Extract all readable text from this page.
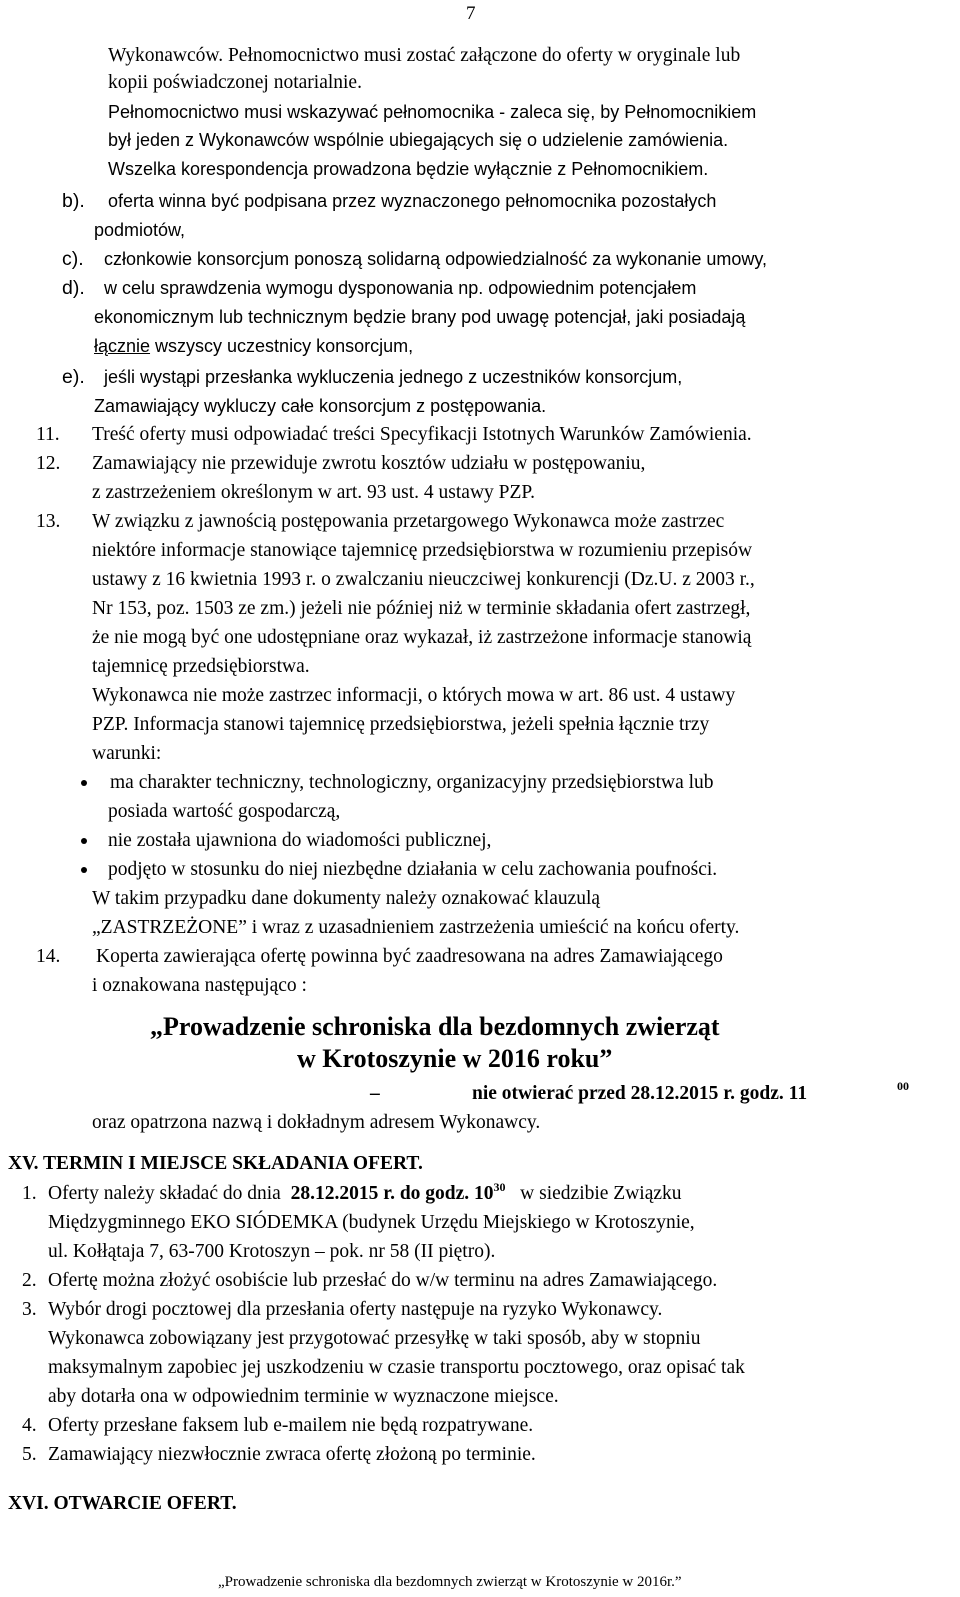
7
Wykonawców. Pełnomocnictwo musi zostać załączone do oferty w oryginale lub
kopii poświadczonej notarialnie.
Pełnomocnictwo musi wskazywać pełnomocnika - zaleca się, by Pełnomocnikiem
był jeden z Wykonawców wspólnie ubiegających się o udzielenie zamówienia.
Wszelka korespondencja prowadzona będzie wyłącznie z Pełnomocnikiem.
b). oferta winna być podpisana przez wyznaczonego pełnomocnika pozostałych
podmiotów,
c). członkowie konsorcjum ponoszą solidarną odpowiedzialność za wykonanie umowy,
d). w celu sprawdzenia wymogu dysponowania np. odpowiednim potencjałem
ekonomicznym lub technicznym będzie brany pod uwagę potencjał, jaki posiadają
łącznie wszyscy uczestnicy konsorcjum,
e). jeśli wystąpi przesłanka wykluczenia jednego z uczestników konsorcjum,
Zamawiający wykluczy całe konsorcjum z postępowania.
11. Treść oferty musi odpowiadać treści Specyfikacji Istotnych Warunków Zamówienia.
12. Zamawiający nie przewiduje zwrotu kosztów udziału w postępowaniu,
z zastrzeżeniem określonym w art. 93 ust. 4 ustawy PZP.
13. W związku z jawnością postępowania przetargowego Wykonawca może zastrzec
niektóre informacje stanowiące tajemnicę przedsiębiorstwa w rozumieniu przepisów
ustawy z 16 kwietnia 1993 r. o zwalczaniu nieuczciwej konkurencji (Dz.U. z 2003 r.,
Nr 153, poz. 1503 ze zm.) jeżeli nie później niż w terminie składania ofert zastrzegł,
że nie mogą być one udostępniane oraz wykazał, iż zastrzeżone informacje stanowią
tajemnicę przedsiębiorstwa.
Wykonawca nie może zastrzec informacji, o których mowa w art. 86 ust. 4 ustawy
PZP. Informacja stanowi tajemnicę przedsiębiorstwa, jeżeli spełnia łącznie trzy
warunki:
ma charakter techniczny, technologiczny, organizacyjny przedsiębiorstwa lub
posiada wartość gospodarczą,
nie została ujawniona do wiadomości publicznej,
podjęto w stosunku do niej niezbędne działania w celu zachowania poufności.
W takim przypadku dane dokumenty należy oznakować klauzulą
„ZASTRZEŻONE” i wraz z uzasadnieniem zastrzeżenia umieścić na końcu oferty.
14. Koperta zawierająca ofertę powinna być zaadresowana na adres Zamawiającego
i oznakowana następująco :
„Prowadzenie schroniska dla bezdomnych zwierząt
w Krotoszynie w 2016 roku”
–	nie otwierać przed 28.12.2015 r. godz. 11	00
oraz opatrzona nazwą i dokładnym adresem Wykonawcy.
XV. TERMIN I MIEJSCE SKŁADANIA OFERT.
1. Oferty należy składać do dnia 28.12.2015 r. do godz. $10^{30}$ w siedzibie Związku
Międzygminnego EKO SIÓDEMKA (budynek Urzędu Miejskiego w Krotoszynie,
ul. Kołłątaja 7, 63-700 Krotoszyn – pok. nr 58 (II piętro).
2. Ofertę można złożyć osobiście lub przesłać do w/w terminu na adres Zamawiającego.
3. Wybór drogi pocztowej dla przesłania oferty następuje na ryzyko Wykonawcy.
Wykonawca zobowiązany jest przygotować przesyłkę w taki sposób, aby w stopniu
maksymalnym zapobiec jej uszkodzeniu w czasie transportu pocztowego, oraz opisać tak
aby dotarła ona w odpowiednim terminie w wyznaczone miejsce.
4. Oferty przesłane faksem lub e-mailem nie będą rozpatrywane.
5. Zamawiający niezwłocznie zwraca ofertę złożoną po terminie.
XVI. OTWARCIE OFERT.
„Prowadzenie schroniska dla bezdomnych zwierząt w Krotoszynie w 2016r.”
